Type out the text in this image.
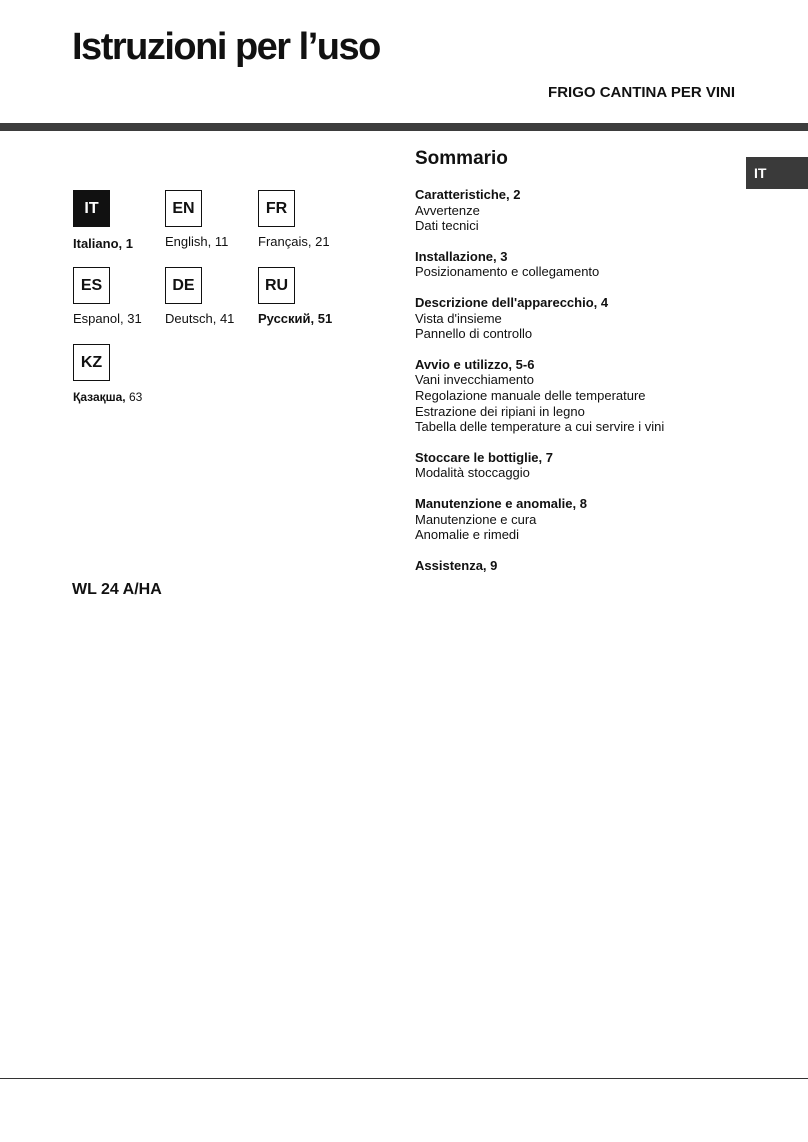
Istruzioni per l’uso

FRIGO CANTINA PER VINI

IT
IT
Italiano, 1
EN
English, 11
FR
Français, 21
ES
Espanol, 31
DE
Deutsch, 41
RU
Русский, 51
KZ
Қазақша, 63

WL 24 A/HA

Sommario
Caratteristiche, 2
Avvertenze
Dati tecnici
Installazione, 3
Posizionamento e collegamento
Descrizione dell'apparecchio, 4
Vista d'insieme
Pannello di controllo
Avvio e utilizzo, 5-6
Vani invecchiamento
Regolazione manuale delle temperature
Estrazione dei ripiani in legno
Tabella delle temperature a cui servire i vini
Stoccare le bottiglie, 7
Modalità stoccaggio
Manutenzione e anomalie, 8
Manutenzione e cura
Anomalie e rimedi
Assistenza, 9
